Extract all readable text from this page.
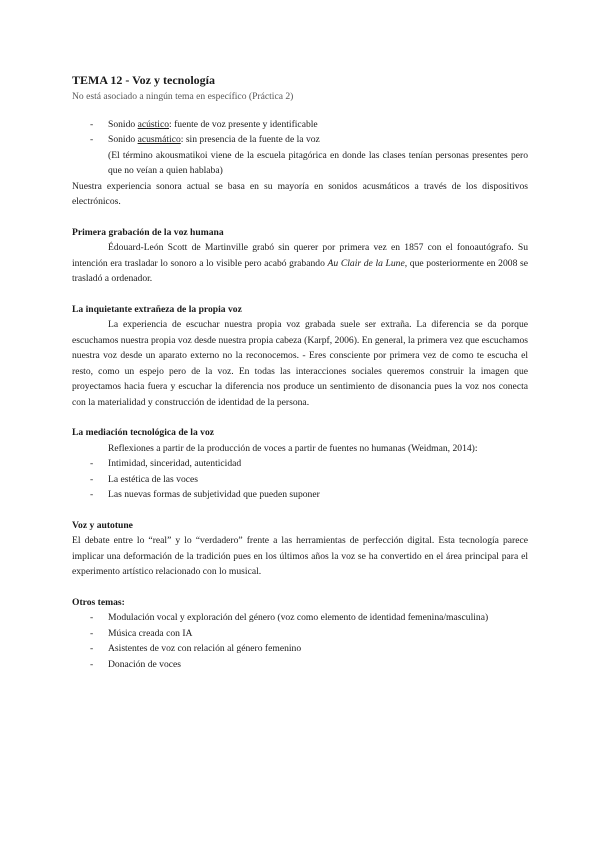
TEMA 12 - Voz y tecnología
No está asociado a ningún tema en específico (Práctica 2)
- Sonido acústico: fuente de voz presente y identificable
- Sonido acusmático: sin presencia de la fuente de la voz

(El término akousmatikoi viene de la escuela pitagórica en donde las clases tenían personas presentes pero que no veían a quien hablaba)

Nuestra experiencia sonora actual se basa en su mayoría en sonidos acusmáticos a través de los dispositivos electrónicos.

Primera grabación de la voz humana

Édouard-León Scott de Martinville grabó sin querer por primera vez en 1857 con el fonoautógrafo. Su intención era trasladar lo sonoro a lo visible pero acabó grabando Au Clair de la Lune, que posteriormente en 2008 se trasladó a ordenador.

La inquietante extrañeza de la propia voz

La experiencia de escuchar nuestra propia voz grabada suele ser extraña. La diferencia se da porque escuchamos nuestra propia voz desde nuestra propia cabeza (Karpf, 2006). En general, la primera vez que escuchamos nuestra voz desde un aparato externo no la reconocemos. - Eres consciente por primera vez de como te escucha el resto, como un espejo pero de la voz. En todas las interacciones sociales queremos construir la imagen que proyectamos hacia fuera y escuchar la diferencia nos produce un sentimiento de disonancia pues la voz nos conecta con la materialidad y construcción de identidad de la persona.

La mediación tecnológica de la voz

Reflexiones a partir de la producción de voces a partir de fuentes no humanas (Weidman, 2014):

- Intimidad, sinceridad, autenticidad
- La estética de las voces
- Las nuevas formas de subjetividad que pueden suponer

Voz y autotune

El debate entre lo “real” y lo “verdadero” frente a las herramientas de perfección digital. Esta tecnología parece implicar una deformación de la tradición pues en los últimos años la voz se ha convertido en el área principal para el experimento artístico relacionado con lo musical.

Otros temas:

- Modulación vocal y exploración del género (voz como elemento de identidad femenina/masculina)
- Música creada con IA
- Asistentes de voz con relación al género femenino
- Donación de voces
